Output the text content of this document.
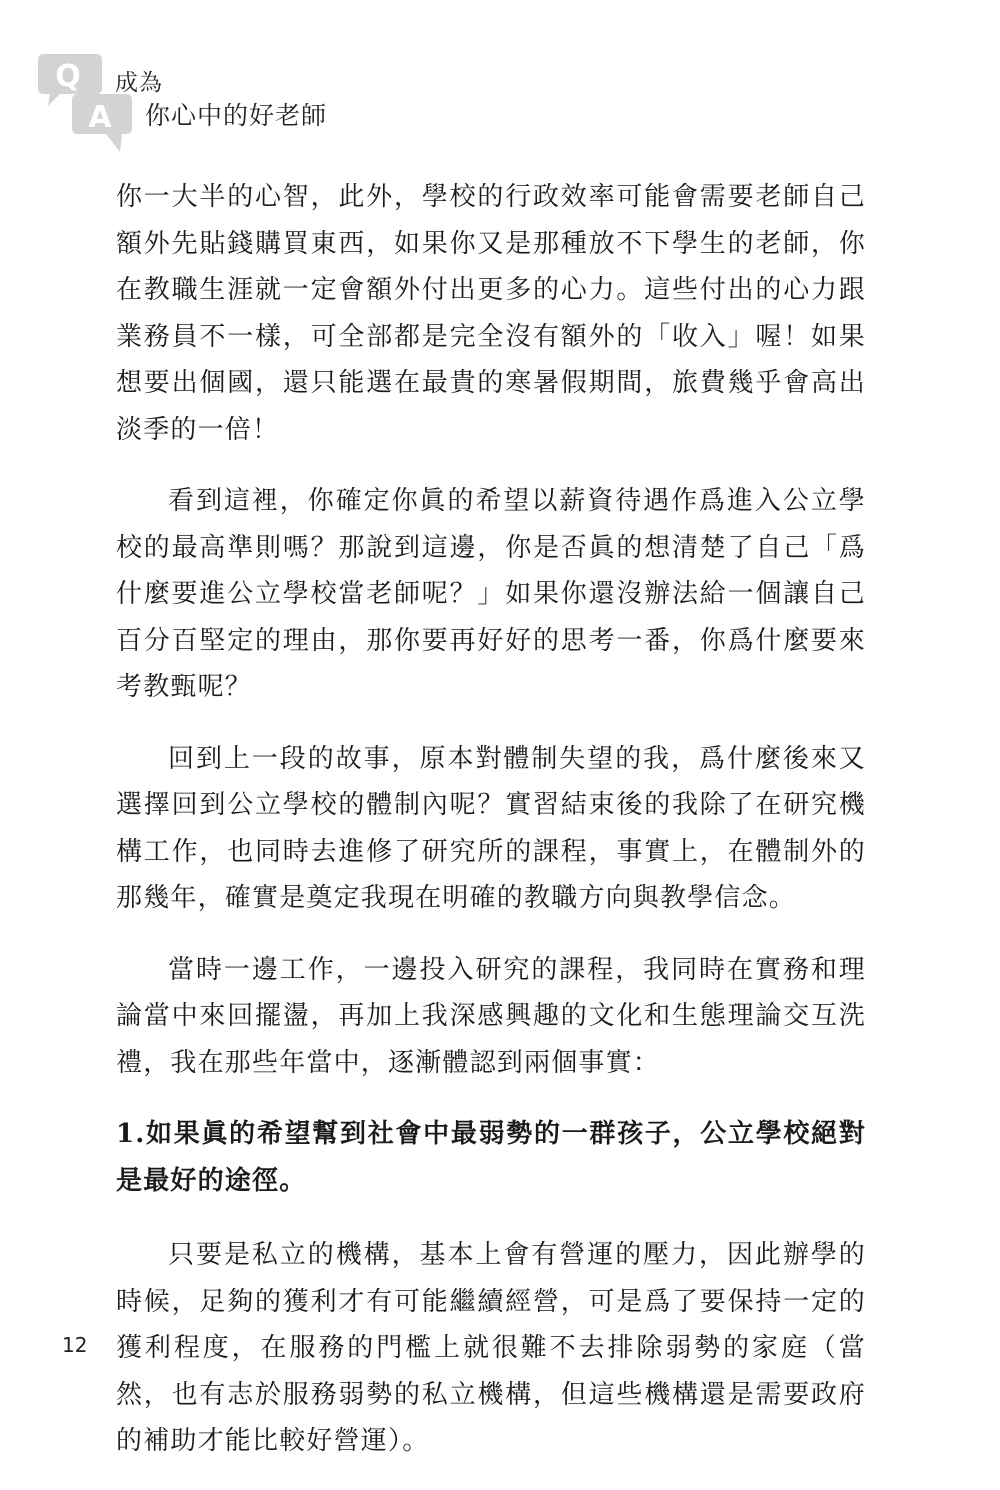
Q
A
成為
你心中的好老師

你一大半的心智，此外，學校的行政效率可能會需要老師自己額外先貼錢購買東西，如果你又是那種放不下學生的老師，你在教職生涯就一定會額外付出更多的心力。這些付出的心力跟業務員不一樣，可全部都是完全沒有額外的「收入」喔！如果想要出個國，還只能選在最貴的寒暑假期間，旅費幾乎會高出淡季的一倍！

看到這裡，你確定你眞的希望以薪資待遇作爲進入公立學校的最高準則嗎？那說到這邊，你是否眞的想清楚了自己「爲什麼要進公立學校當老師呢？」如果你還沒辦法給一個讓自己百分百堅定的理由，那你要再好好的思考一番，你爲什麼要來考教甄呢？

回到上一段的故事，原本對體制失望的我，爲什麼後來又選擇回到公立學校的體制內呢？實習結束後的我除了在研究機構工作，也同時去進修了研究所的課程，事實上，在體制外的那幾年，確實是奠定我現在明確的教職方向與教學信念。

當時一邊工作，一邊投入研究的課程，我同時在實務和理論當中來回擺盪，再加上我深感興趣的文化和生態理論交互洗禮，我在那些年當中，逐漸體認到兩個事實：

1.如果眞的希望幫到社會中最弱勢的一群孩子，公立學校絕對是最好的途徑。

只要是私立的機構，基本上會有營運的壓力，因此辦學的時候，足夠的獲利才有可能繼續經營，可是爲了要保持一定的獲利程度，在服務的門檻上就很難不去排除弱勢的家庭（當然，也有志於服務弱勢的私立機構，但這些機構還是需要政府的補助才能比較好營運）。

12
